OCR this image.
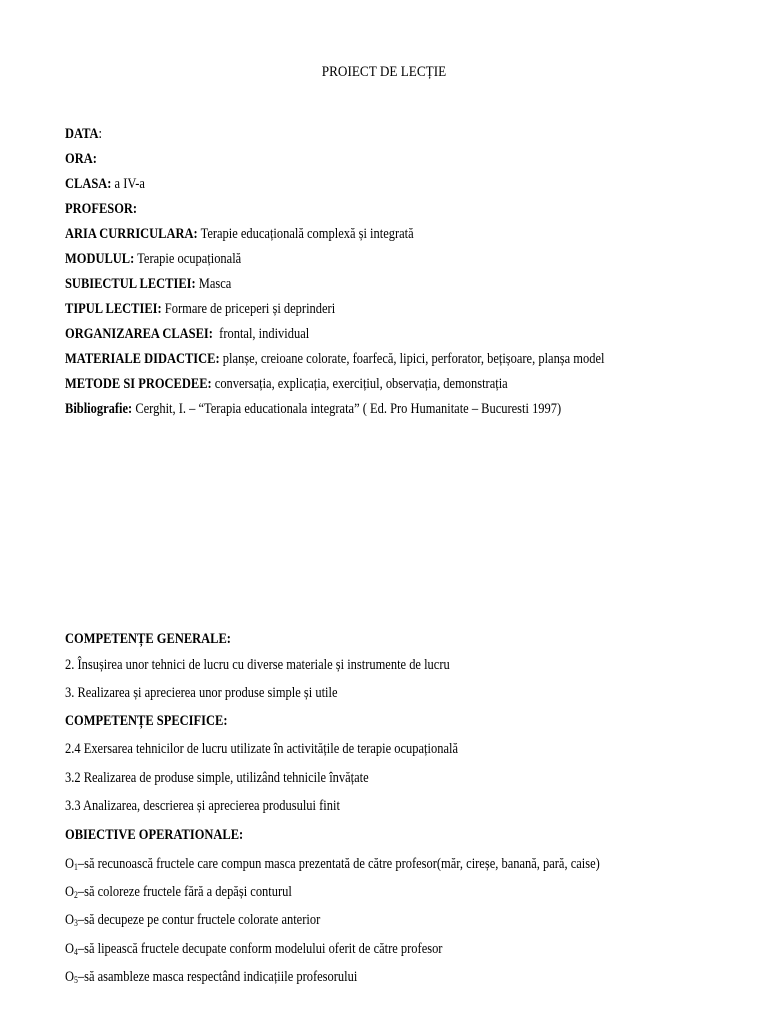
PROIECT DE LECȚIE
DATA:
ORA:
CLASA: a IV-a
PROFESOR:
ARIA CURRICULARA: Terapie educațională complexă și integrată
MODULUL: Terapie ocupațională
SUBIECTUL LECTIEI: Masca
TIPUL LECTIEI: Formare de priceperi și deprinderi
ORGANIZAREA CLASEI:  frontal, individual
MATERIALE DIDACTICE: planșe, creioane colorate, foarfecă, lipici, perforator, bețișoare, planșa model
METODE SI PROCEDEE: conversația, explicația, exercițiul, observația, demonstrația
Bibliografie: Cerghit, I. – “Terapia educationala integrata” ( Ed. Pro Humanitate – Bucuresti 1997)
COMPETENȚE GENERALE:
2. Însușirea unor tehnici de lucru cu diverse materiale și instrumente de lucru
3. Realizarea și aprecierea unor produse simple și utile
COMPETENȚE SPECIFICE:
2.4 Exersarea tehnicilor de lucru utilizate în activitățile de terapie ocupațională
3.2 Realizarea de produse simple, utilizând tehnicile învățate
3.3 Analizarea, descrierea și aprecierea produsului finit
OBIECTIVE OPERATIONALE:
$O_1-să$ recunoască fructele care compun masca prezentată de către profesor(măr, cireșe, banană, pară, caise)
$O_2-să$ coloreze fructele fără a depăși conturul
$O_3-să$ decupeze pe contur fructele colorate anterior
$O_4-să$ lipească fructele decupate conform modelului oferit de către profesor
$O_5-să$ asambleze masca respectând indicațiile profesorului
